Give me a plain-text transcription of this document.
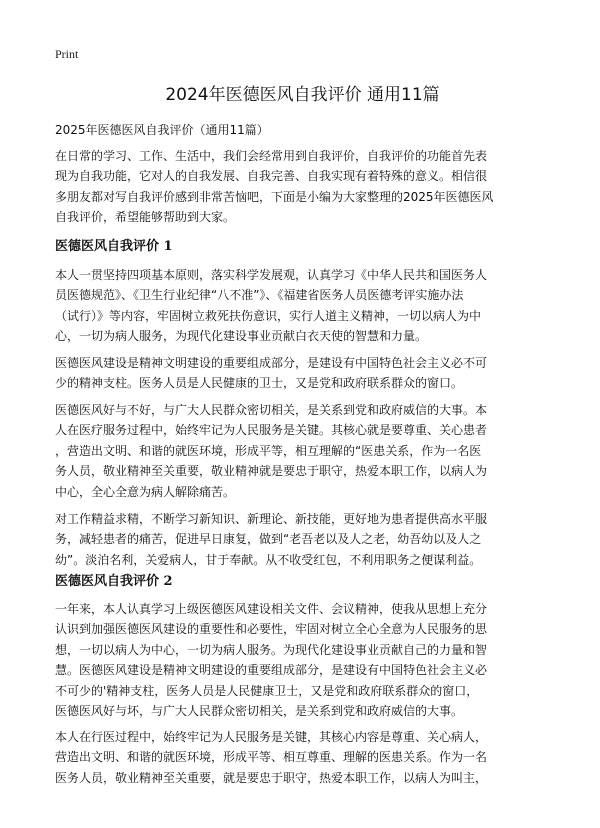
Print
2024年医德医风自我评价 通用11篇

2025年医德医风自我评价（通用11篇）

在日常的学习、工作、生活中，我们会经常用到自我评价，自我评价的功能首先表
现为自我功能，它对人的自我发展、自我完善、自我实现有着特殊的意义。相信很
多朋友都对写自我评价感到非常苦恼吧，下面是小编为大家整理的2025年医德医风
自我评价，希望能够帮助到大家。

医德医风自我评价 1

本人一贯坚持四项基本原则，落实科学发展观，认真学习《中华人民共和国医务人
员医德规范》、《卫生行业纪律“八不准”》、《福建省医务人员医德考评实施办法
（试行）》等内容，牢固树立救死扶伤意识，实行人道主义精神，一切以病人为中
心，一切为病人服务，为现代化建设事业贡献白衣天使的智慧和力量。

医德医风建设是精神文明建设的重要组成部分，是建设有中国特色社会主义必不可
少的精神支柱。医务人员是人民健康的卫士，又是党和政府联系群众的窗口。

医德医风好与不好，与广大人民群众密切相关，是关系到党和政府威信的大事。本
人在医疗服务过程中，始终牢记为人民服务是关键。其核心就是要尊重、关心患者
，营造出文明、和谐的就医环境，形成平等，相互理解的“医患关系，作为一名医
务人员，敬业精神至关重要，敬业精神就是要忠于职守，热爱本职工作，以病人为
中心，全心全意为病人解除痛苦。

对工作精益求精，不断学习新知识、新理论、新技能，更好地为患者提供高水平服
务，减轻患者的痛苦，促进早日康复，做到“老吾老以及人之老，幼吾幼以及人之
幼”。淡泊名利，关爱病人，甘于奉献。从不收受红包，不利用职务之便谋利益。

医德医风自我评价 2

一年来，本人认真学习上级医德医风建设相关文件、会议精神，使我从思想上充分
认识到加强医德医风建设的重要性和必要性，牢固对树立全心全意为人民服务的思
想，一切以病人为中心，一切为病人服务。为现代化建设事业贡献自己的力量和智
慧。医德医风建设是精神文明建设的重要组成部分，是建设有中国特色社会主义必
不可少的'精神支柱，医务人员是人民健康卫士，又是党和政府联系群众的窗口，
医德医风好与坏，与广大人民群众密切相关，是关系到党和政府威信的大事。

本人在行医过程中，始终牢记为人民服务是关键，其核心内容是尊重、关心病人，
营造出文明、和谐的就医环境，形成平等、相互尊重、理解的医患关系。作为一名
医务人员，敬业精神至关重要，就是要忠于职守，热爱本职工作，以病人为叫主，
